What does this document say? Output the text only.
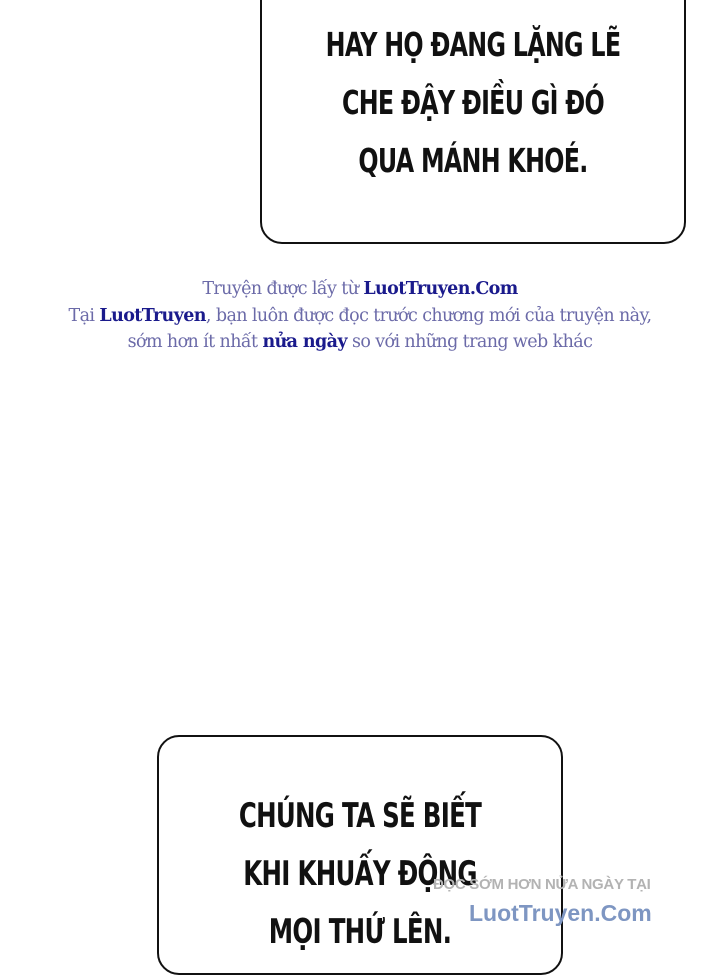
HAY HỌ ĐANG LẶNG LẼ
CHE ĐẬY ĐIỀU GÌ ĐÓ
QUA MÁNH KHOÉ.
Truyện được lấy từ LuotTruyen.Com
Tại LuotTruyen, bạn luôn được đọc trước chương mới của truyện này,
sớm hơn ít nhất nửa ngày so với những trang web khác
CHÚNG TA SẼ BIẾT
KHI KHUẤY ĐỘNG
MỌI THỨ LÊN.
ĐỌC SỚM HƠN NỬA NGÀY TẠI
LuotTruyen.Com
